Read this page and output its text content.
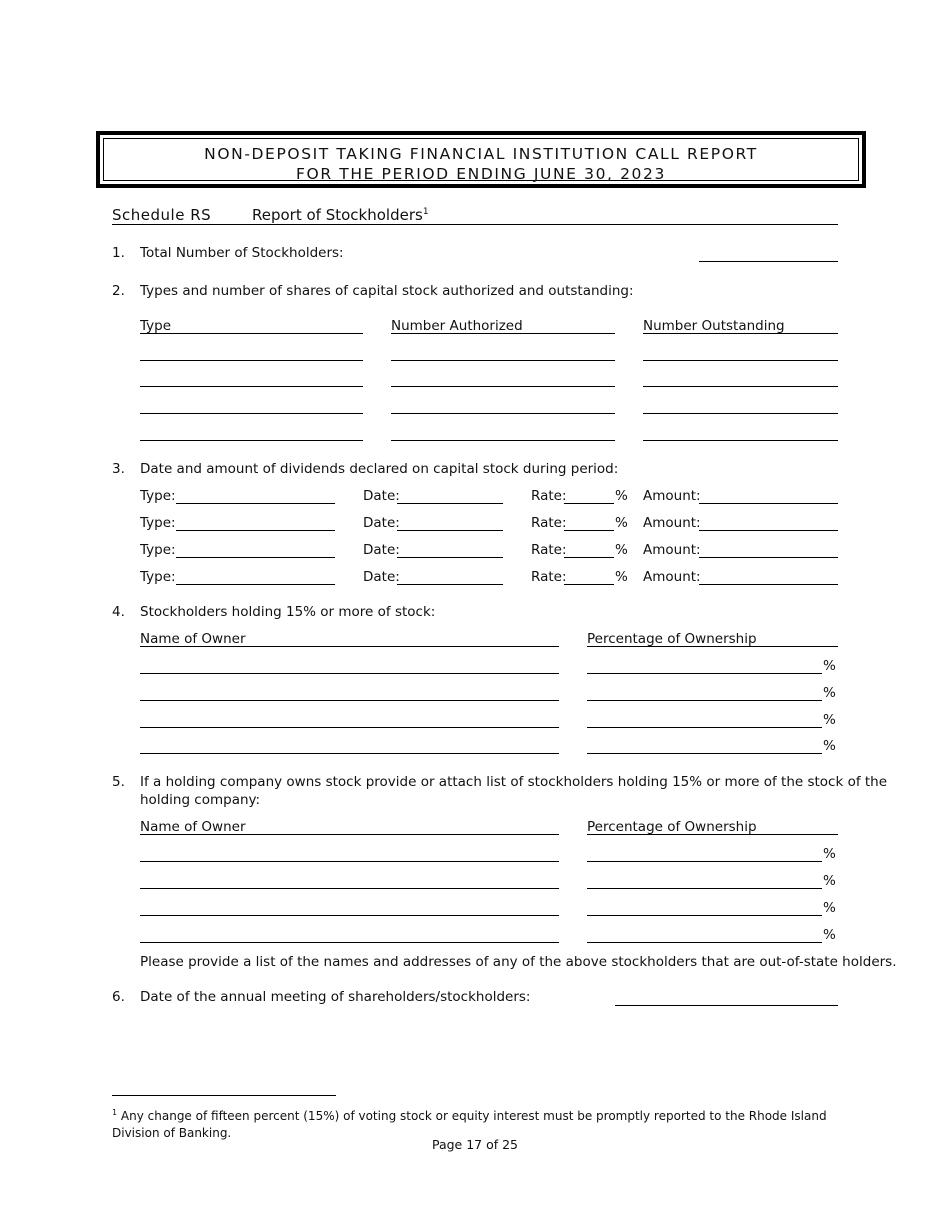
NON-DEPOSIT TAKING FINANCIAL INSTITUTION CALL REPORT
FOR THE PERIOD ENDING JUNE 30, 2023
Schedule RS	Report of Stockholders$^1$
1. Total Number of Stockholders:
2. Types and number of shares of capital stock authorized and outstanding:
Type	Number Authorized	Number Outstanding
3. Date and amount of dividends declared on capital stock during period:
Type:	Date:	Rate:	% Amount:
Type:	Date:	Rate:	% Amount:
Type:	Date:	Rate:	% Amount:
Type:	Date:	Rate:	% Amount:
4. Stockholders holding 15% or more of stock:
Name of Owner	Percentage of Ownership
%
%
%
%
5. If a holding company owns stock provide or attach list of stockholders holding 15% or more of the stock of the
holding company:
Name of Owner	Percentage of Ownership
%
%
%
%
Please provide a list of the names and addresses of any of the above stockholders that are out-of-state holders.
6. Date of the annual meeting of shareholders/stockholders:
$^1$ Any change of fifteen percent (15%) of voting stock or equity interest must be promptly reported to the Rhode Island Division of Banking.
Page 17 of 25
